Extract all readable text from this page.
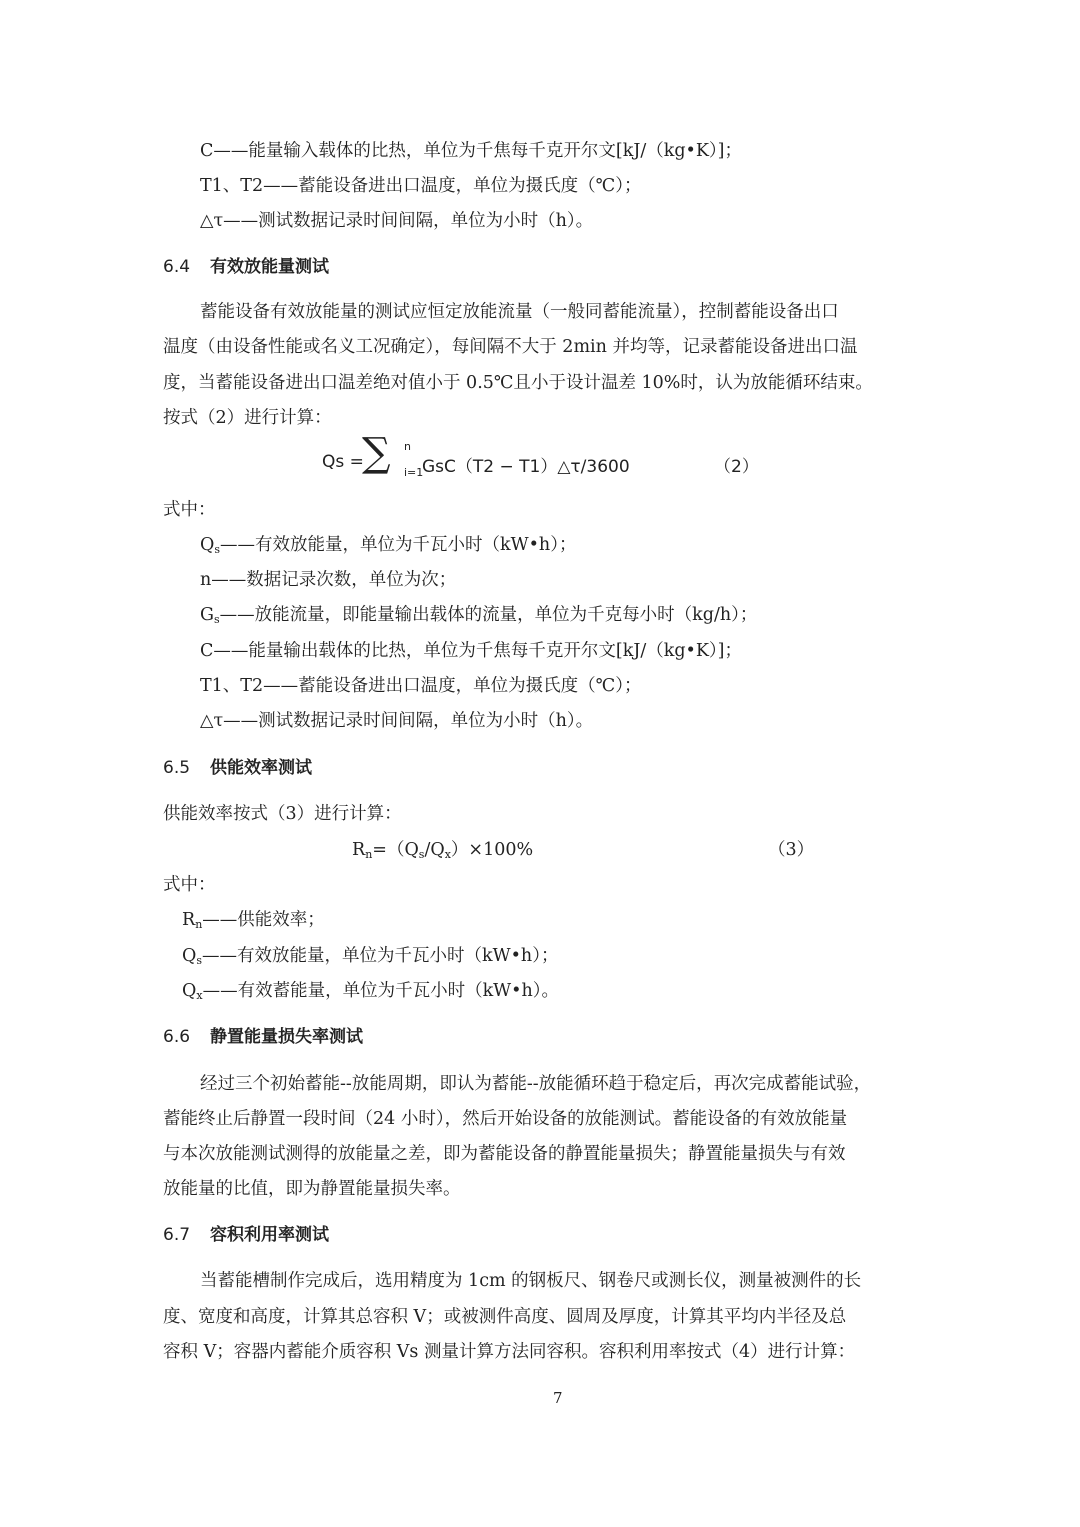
C——能量输入载体的比热，单位为千焦每千克开尔文[kJ/（kg•K）]；
T1、T2——蓄能设备进出口温度，单位为摄氏度（℃）；
△τ——测试数据记录时间间隔，单位为小时（h）。
6.4 有效放能量测试
蓄能设备有效放能量的测试应恒定放能流量（一般同蓄能流量），控制蓄能设备出口
温度（由设备性能或名义工况确定），每间隔不大于 2min 并均等，记录蓄能设备进出口温
度，当蓄能设备进出口温差绝对值小于 0.5℃且小于设计温差 10%时，认为放能循环结束。
按式（2）进行计算：
Qs =
∑ n
i=1
GsC（T2 − T1）△τ/3600	（2）
式中：
$Q_s——$有效放能量，单位为千瓦小时（kW•h）；
n——数据记录次数，单位为次；
$G_s——$放能流量，即能量输出载体的流量，单位为千克每小时（kg/h）；
C——能量输出载体的比热，单位为千焦每千克开尔文[kJ/（kg•K）]；
T1、T2——蓄能设备进出口温度，单位为摄氏度（℃）；
△τ——测试数据记录时间间隔，单位为小时（h）。
6.5 供能效率测试
供能效率按式（3）进行计算：
$R_n=(Q_s/Q_x)\times 100\%$	（3）
式中：
$R_n——$供能效率；
$Q_s——$有效放能量，单位为千瓦小时（kW•h）；
$Q_x——$有效蓄能量，单位为千瓦小时（kW•h）。
6.6 静置能量损失率测试
经过三个初始蓄能--放能周期，即认为蓄能--放能循环趋于稳定后，再次完成蓄能试验，
蓄能终止后静置一段时间（24 小时），然后开始设备的放能测试。蓄能设备的有效放能量
与本次放能测试测得的放能量之差，即为蓄能设备的静置能量损失；静置能量损失与有效
放能量的比值，即为静置能量损失率。
6.7 容积利用率测试
当蓄能槽制作完成后，选用精度为 1cm 的钢板尺、钢卷尺或测长仪，测量被测件的长
度、宽度和高度，计算其总容积 V；或被测件高度、圆周及厚度，计算其平均内半径及总
容积 V；容器内蓄能介质容积 Vs 测量计算方法同容积。容积利用率按式（4）进行计算：
7
